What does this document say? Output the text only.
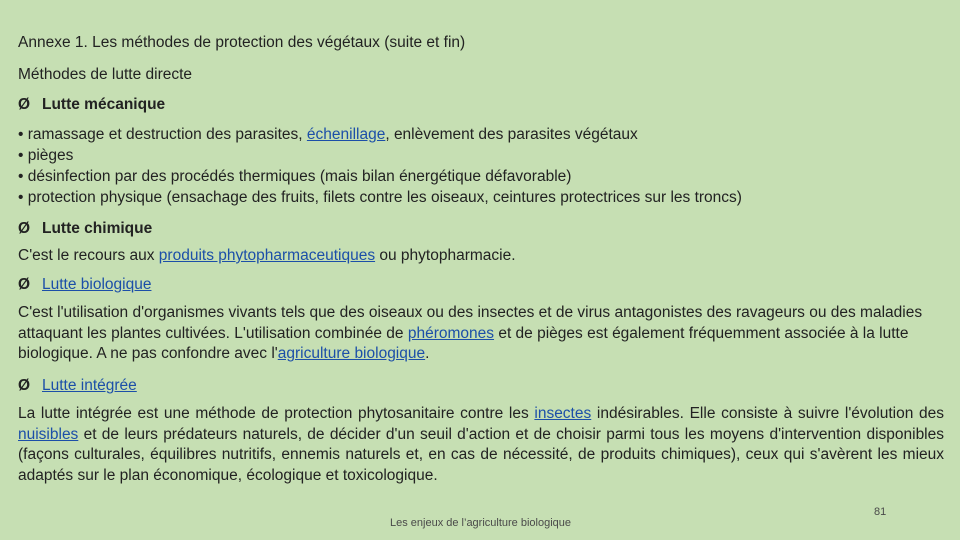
Annexe 1. Les méthodes de protection des végétaux (suite et fin)
Méthodes de lutte directe
Ø Lutte mécanique
• ramassage et destruction des parasites, échenillage, enlèvement des parasites végétaux
• pièges
• désinfection par des procédés thermiques (mais bilan énergétique défavorable)
• protection physique (ensachage des fruits, filets contre les oiseaux, ceintures protectrices sur les troncs)
Ø Lutte chimique
C'est le recours aux produits phytopharmaceutiques ou phytopharmacie.
Ø Lutte biologique
C'est l'utilisation d'organismes vivants tels que des oiseaux ou des insectes et de virus antagonistes des ravageurs ou des maladies attaquant les plantes cultivées. L'utilisation combinée de phéromones et de pièges est également fréquemment associée à la lutte biologique. A ne pas confondre avec l'agriculture biologique.
Ø Lutte intégrée
La lutte intégrée est une méthode de protection phytosanitaire contre les insectes indésirables. Elle consiste à suivre l'évolution des nuisibles et de leurs prédateurs naturels, de décider d'un seuil d'action et de choisir parmi tous les moyens d'intervention disponibles (façons culturales, équilibres nutritifs, ennemis naturels et, en cas de nécessité, de produits chimiques), ceux qui s'avèrent les mieux adaptés sur le plan économique, écologique et toxicologique.
Les enjeux de l’agriculture biologique
81
